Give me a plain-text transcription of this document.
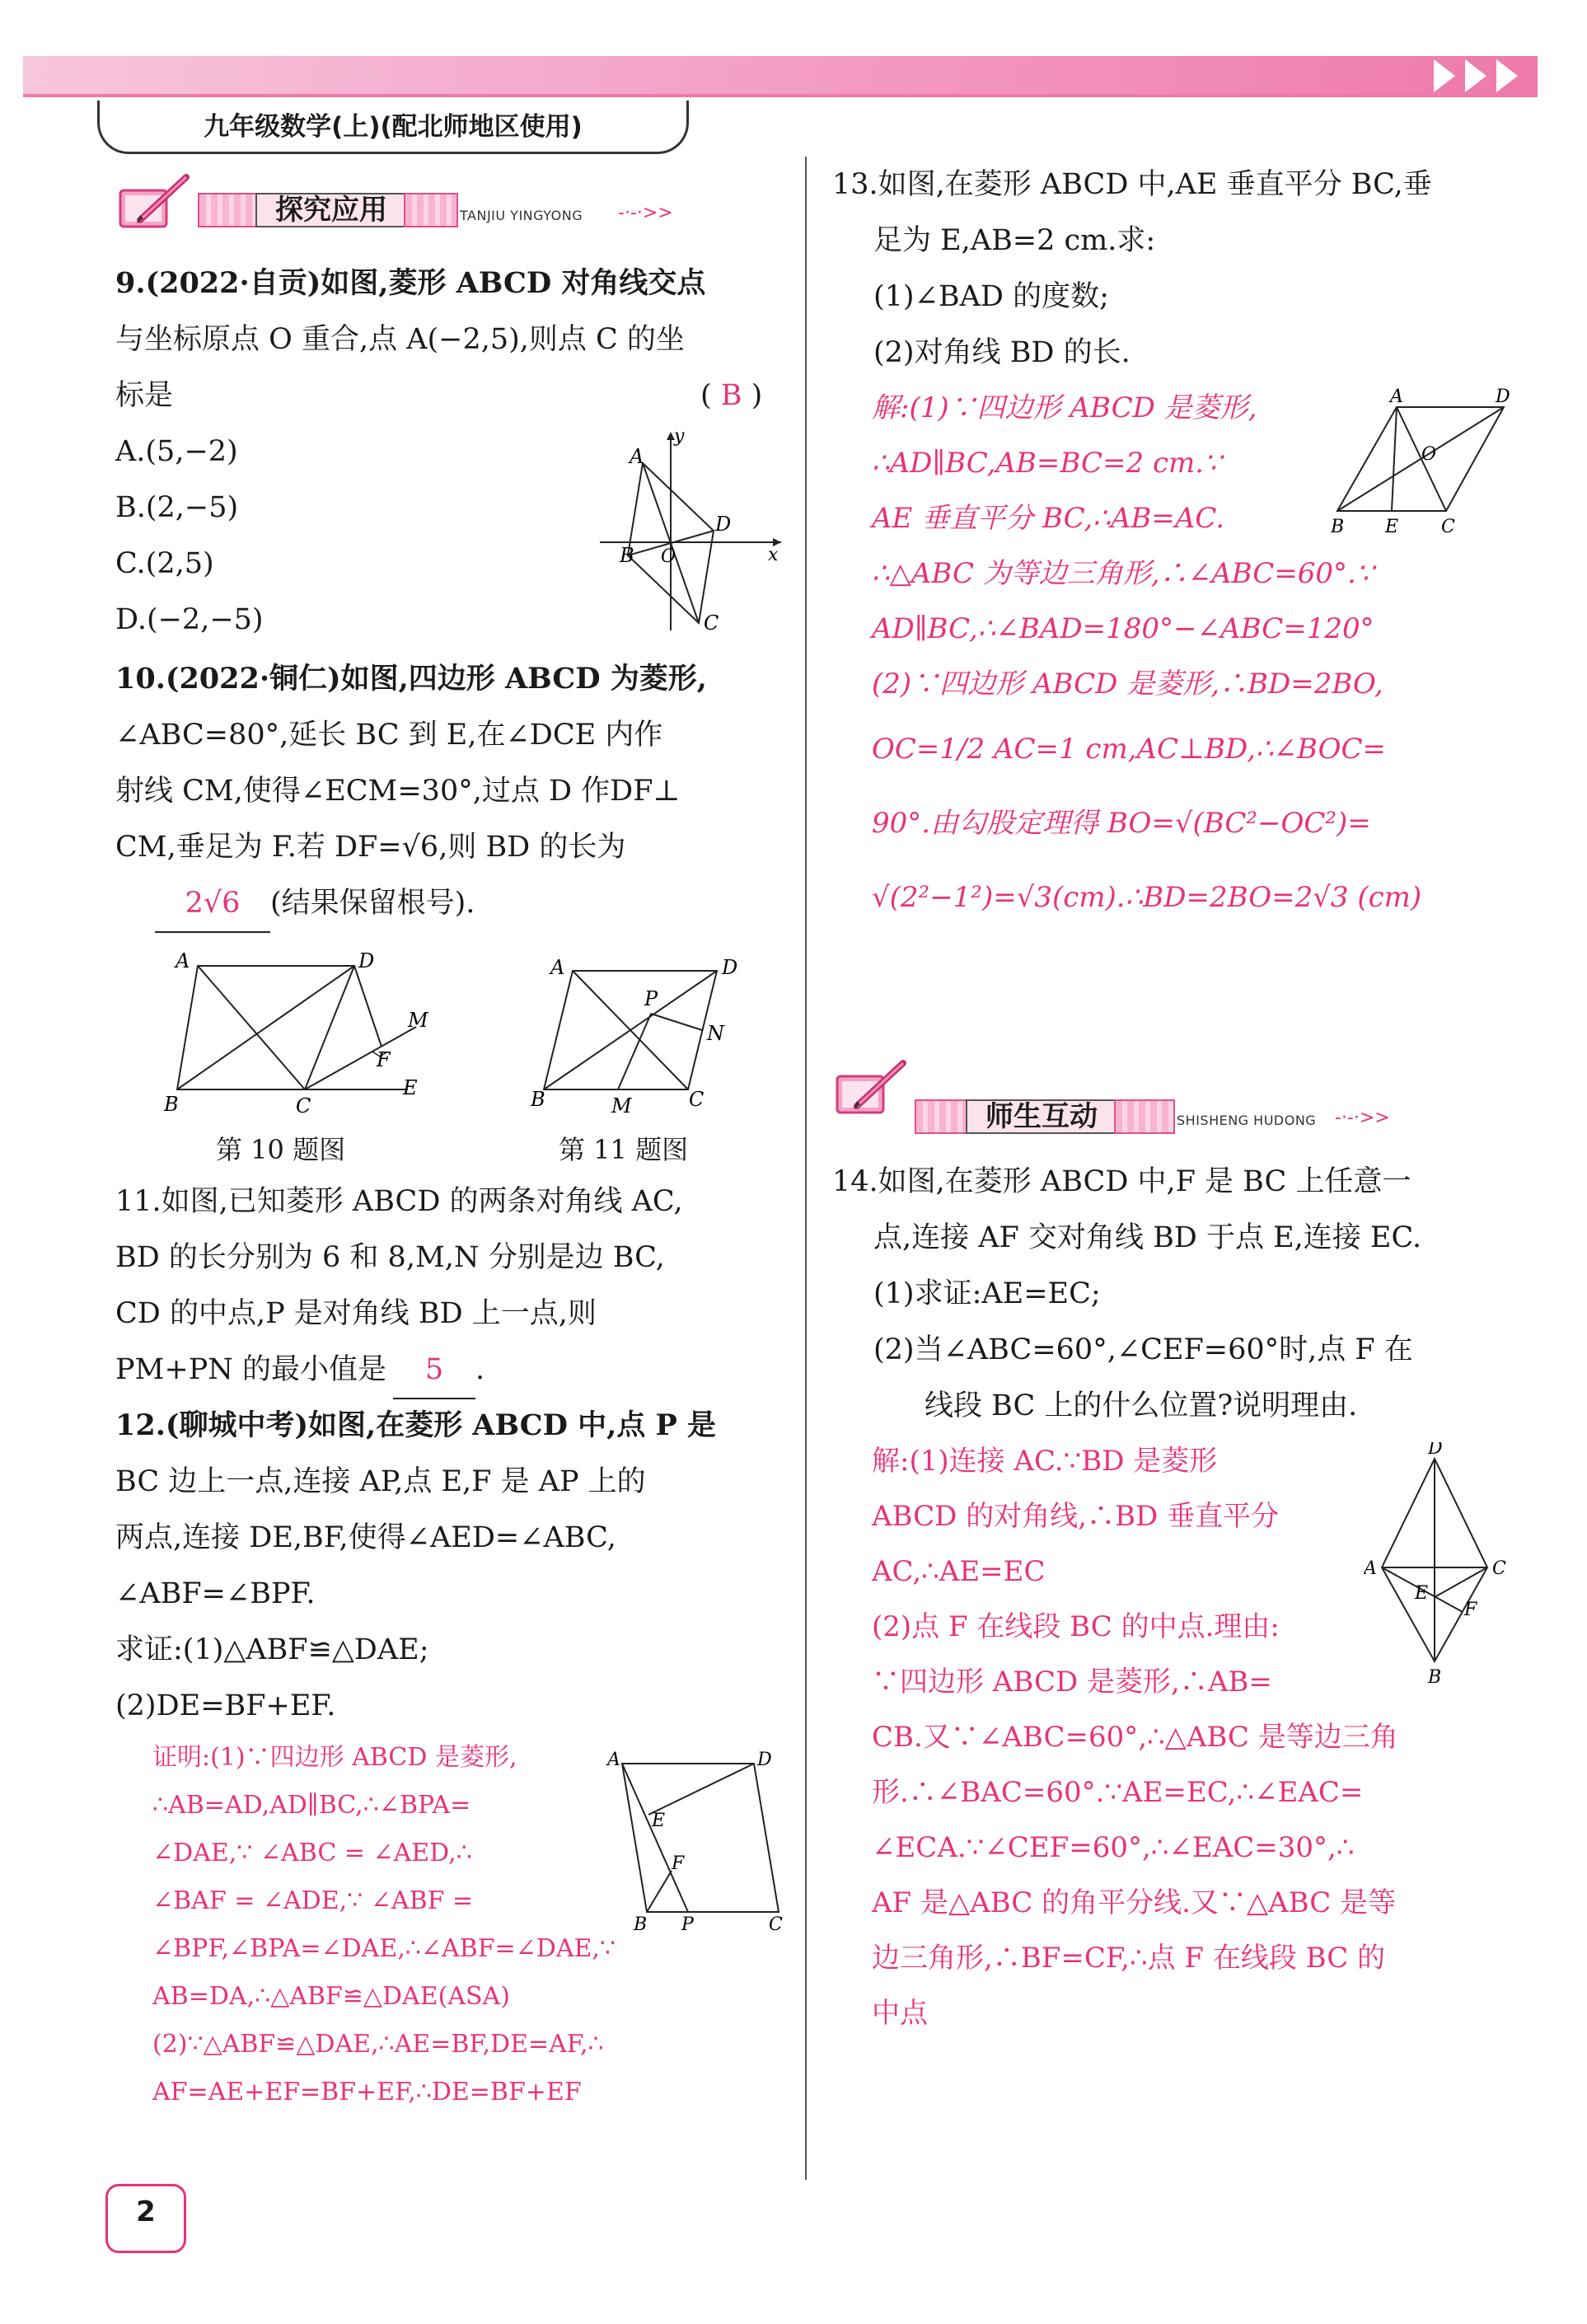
九年级数学(上)(配北师地区使用)
探究应用	TANJIU YINGYONG -·-·>>
9.(2022·自贡)如图,菱形 ABCD 对角线交点
与坐标原点 O 重合,点 A(−2,5),则点 C 的坐
标是	( B )
A.(5,−2)
B.(2,−5)
C.(2,5)
D.(−2,−5)
A
y
D
B O	x
C
10.(2022·铜仁)如图,四边形 ABCD 为菱形,
∠ABC=80°,延长 BC 到 E,在∠DCE 内作
射线 CM,使得∠ECM=30°,过点 D 作DF⊥
CM,垂足为 F.若 DF=√6,则 BD 的长为
2√6 (结果保留根号).
A	D
M
F
E
B	C
第 10 题图
A	D
P
N
B	M	C
第 11 题图
11.如图,已知菱形 ABCD 的两条对角线 AC,
BD 的长分别为 6 和 8,M,N 分别是边 BC,
CD 的中点,P 是对角线 BD 上一点,则
PM+PN 的最小值是 5 .
12.(聊城中考)如图,在菱形 ABCD 中,点 P 是
BC 边上一点,连接 AP,点 E,F 是 AP 上的
两点,连接 DE,BF,使得∠AED=∠ABC,
∠ABF=∠BPF.
求证:(1)△ABF≌△DAE;
(2)DE=BF+EF.
证明:(1)∵四边形 ABCD 是菱形,
∴AB=AD,AD∥BC,∴∠BPA=
∠DAE,∵ ∠ABC = ∠AED,∴
∠BAF = ∠ADE,∵ ∠ABF =
∠BPF,∠BPA=∠DAE,∴∠ABF=∠DAE,∵
AB=DA,∴△ABF≌△DAE(ASA)
(2)∵△ABF≌△DAE,∴AE=BF,DE=AF,∴
AF=AE+EF=BF+EF,∴DE=BF+EF
A	D
E
F
B P	C
13.如图,在菱形 ABCD 中,AE 垂直平分 BC,垂
足为 E,AB=2 cm.求:
(1)∠BAD 的度数;
(2)对角线 BD 的长.
解:(1)∵四边形 ABCD 是菱形,
∴AD∥BC,AB=BC=2 cm.∵
AE 垂直平分 BC,∴AB=AC.
∴△ABC 为等边三角形,∴∠ABC=60°.∵
AD∥BC,∴∠BAD=180°−∠ABC=120°
(2)∵四边形 ABCD 是菱形,∴BD=2BO,
OC=1/2 AC=1 cm,AC⊥BD,∴∠BOC=
90°.由勾股定理得 BO=√(BC²−OC²)=
√(2²−1²)=√3(cm).∴BD=2BO=2√3 (cm)
A	D
O
B E C
师生互动	SHISHENG HUDONG -·-·>>
14.如图,在菱形 ABCD 中,F 是 BC 上任意一
点,连接 AF 交对角线 BD 于点 E,连接 EC.
(1)求证:AE=EC;
(2)当∠ABC=60°,∠CEF=60°时,点 F 在
线段 BC 上的什么位置?说明理由.
解:(1)连接 AC.∵BD 是菱形
ABCD 的对角线,∴BD 垂直平分
AC,∴AE=EC
(2)点 F 在线段 BC 的中点.理由:
∵四边形 ABCD 是菱形,∴AB=
CB.又∵∠ABC=60°,∴△ABC 是等边三角
形.∴∠BAC=60°.∵AE=EC,∴∠EAC=
∠ECA.∵∠CEF=60°,∴∠EAC=30°,∴
AF 是△ABC 的角平分线.又∵△ABC 是等
边三角形,∴BF=CF,∴点 F 在线段 BC 的
中点
D
A	C
E
F
B
2
